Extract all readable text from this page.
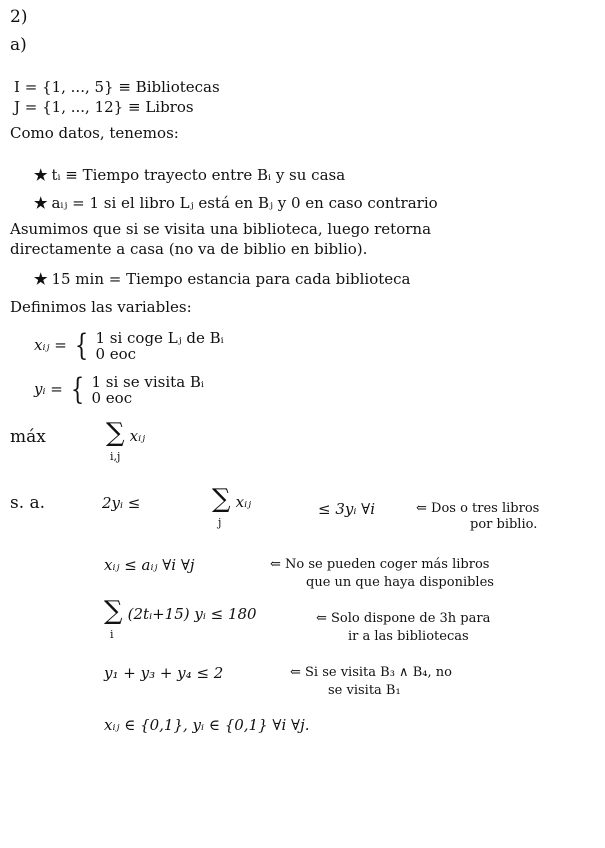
2)
a)
I = {1, ..., 5} ≡ Bibliotecas
J = {1, ..., 12} ≡ Libros
Como datos, tenemos:
★ tᵢ ≡ Tiempo trayecto entre Bᵢ y su casa
★ aᵢⱼ = 1 si el libro Lⱼ está en Bⱼ y 0 en caso contrario
Asumimos que si se visita una biblioteca, luego retorna
directamente a casa (no va de biblio en biblio).
★ 15 min = Tiempo estancia para cada biblioteca
Definimos las variables:
xᵢⱼ = { 1 si coge Lⱼ de Bᵢ
0 eoc
yᵢ = { 1 si se visita Bᵢ
0 eoc
máx ∑ xᵢⱼ
i,j
s. a.	2yᵢ ≤	∑ xᵢⱼ
j
≤ 3yᵢ ∀i	⇐ Dos o tres libros
por biblio.
xᵢⱼ ≤ aᵢⱼ ∀i ∀j	⇐ No se pueden coger más libros
que un que haya disponibles
∑ (2tᵢ+15) yᵢ ≤ 180
i
⇐ Solo dispone de 3h para
ir a las bibliotecas
y₁ + y₃ + y₄ ≤ 2	⇐ Si se visita B₃ ∧ B₄, no
se visita B₁
xᵢⱼ ∈ {0,1}, yᵢ ∈ {0,1} ∀i ∀j.
